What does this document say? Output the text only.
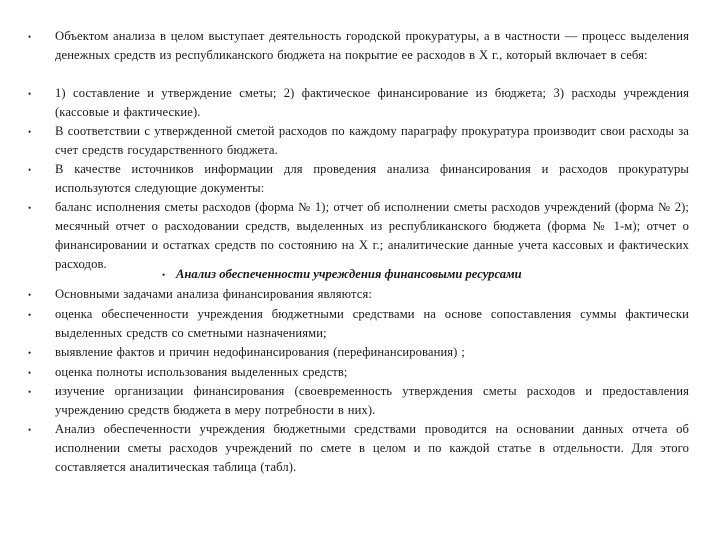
• Объектом анализа в целом выступает деятельность городской прокуратуры, а в частности — процесс выделения денежных средств из республиканского бюджета на покрытие ее расходов в X г., который включает в себя:
• 1) составление и утверждение сметы; 2) фактическое финансирование из бюджета; 3) расходы учреждения (кассовые и фактические).
• В соответствии с утвержденной сметой расходов по каждому параграфу прокуратура производит свои расходы за счет средств государственного бюджета.
• В качестве источников информации для проведения анализа финансирования и расходов прокуратуры используются следующие документы:
• баланс исполнения сметы расходов (форма № 1); отчет об исполнении сметы расходов учреждений (форма № 2); месячный отчет о расходовании средств, выделенных из республиканского бюджета (форма № 1-м); отчет о финансировании и остатках средств по состоянию на X г.; аналитические данные учета кассовых и фактических расходов.
• Анализ обеспеченности учреждения финансовыми ресурсами
• Основными задачами анализа финансирования являются:
• оценка обеспеченности учреждения бюджетными средствами на основе сопоставления суммы фактически выделенных средств со сметными назначениями;
• выявление фактов и причин недофинансирования (перефинансирования) ;
• оценка полноты использования выделенных средств;
• изучение организации финансирования (своевременность утверждения сметы расходов и предоставления учреждению средств бюджета в меру потребности в них).
• Анализ обеспеченности учреждения бюджетными средствами проводится на основании данных отчета об исполнении сметы расходов учреждений по смете в целом и по каждой статье в отдельности. Для этого составляется аналитическая таблица (табл).
